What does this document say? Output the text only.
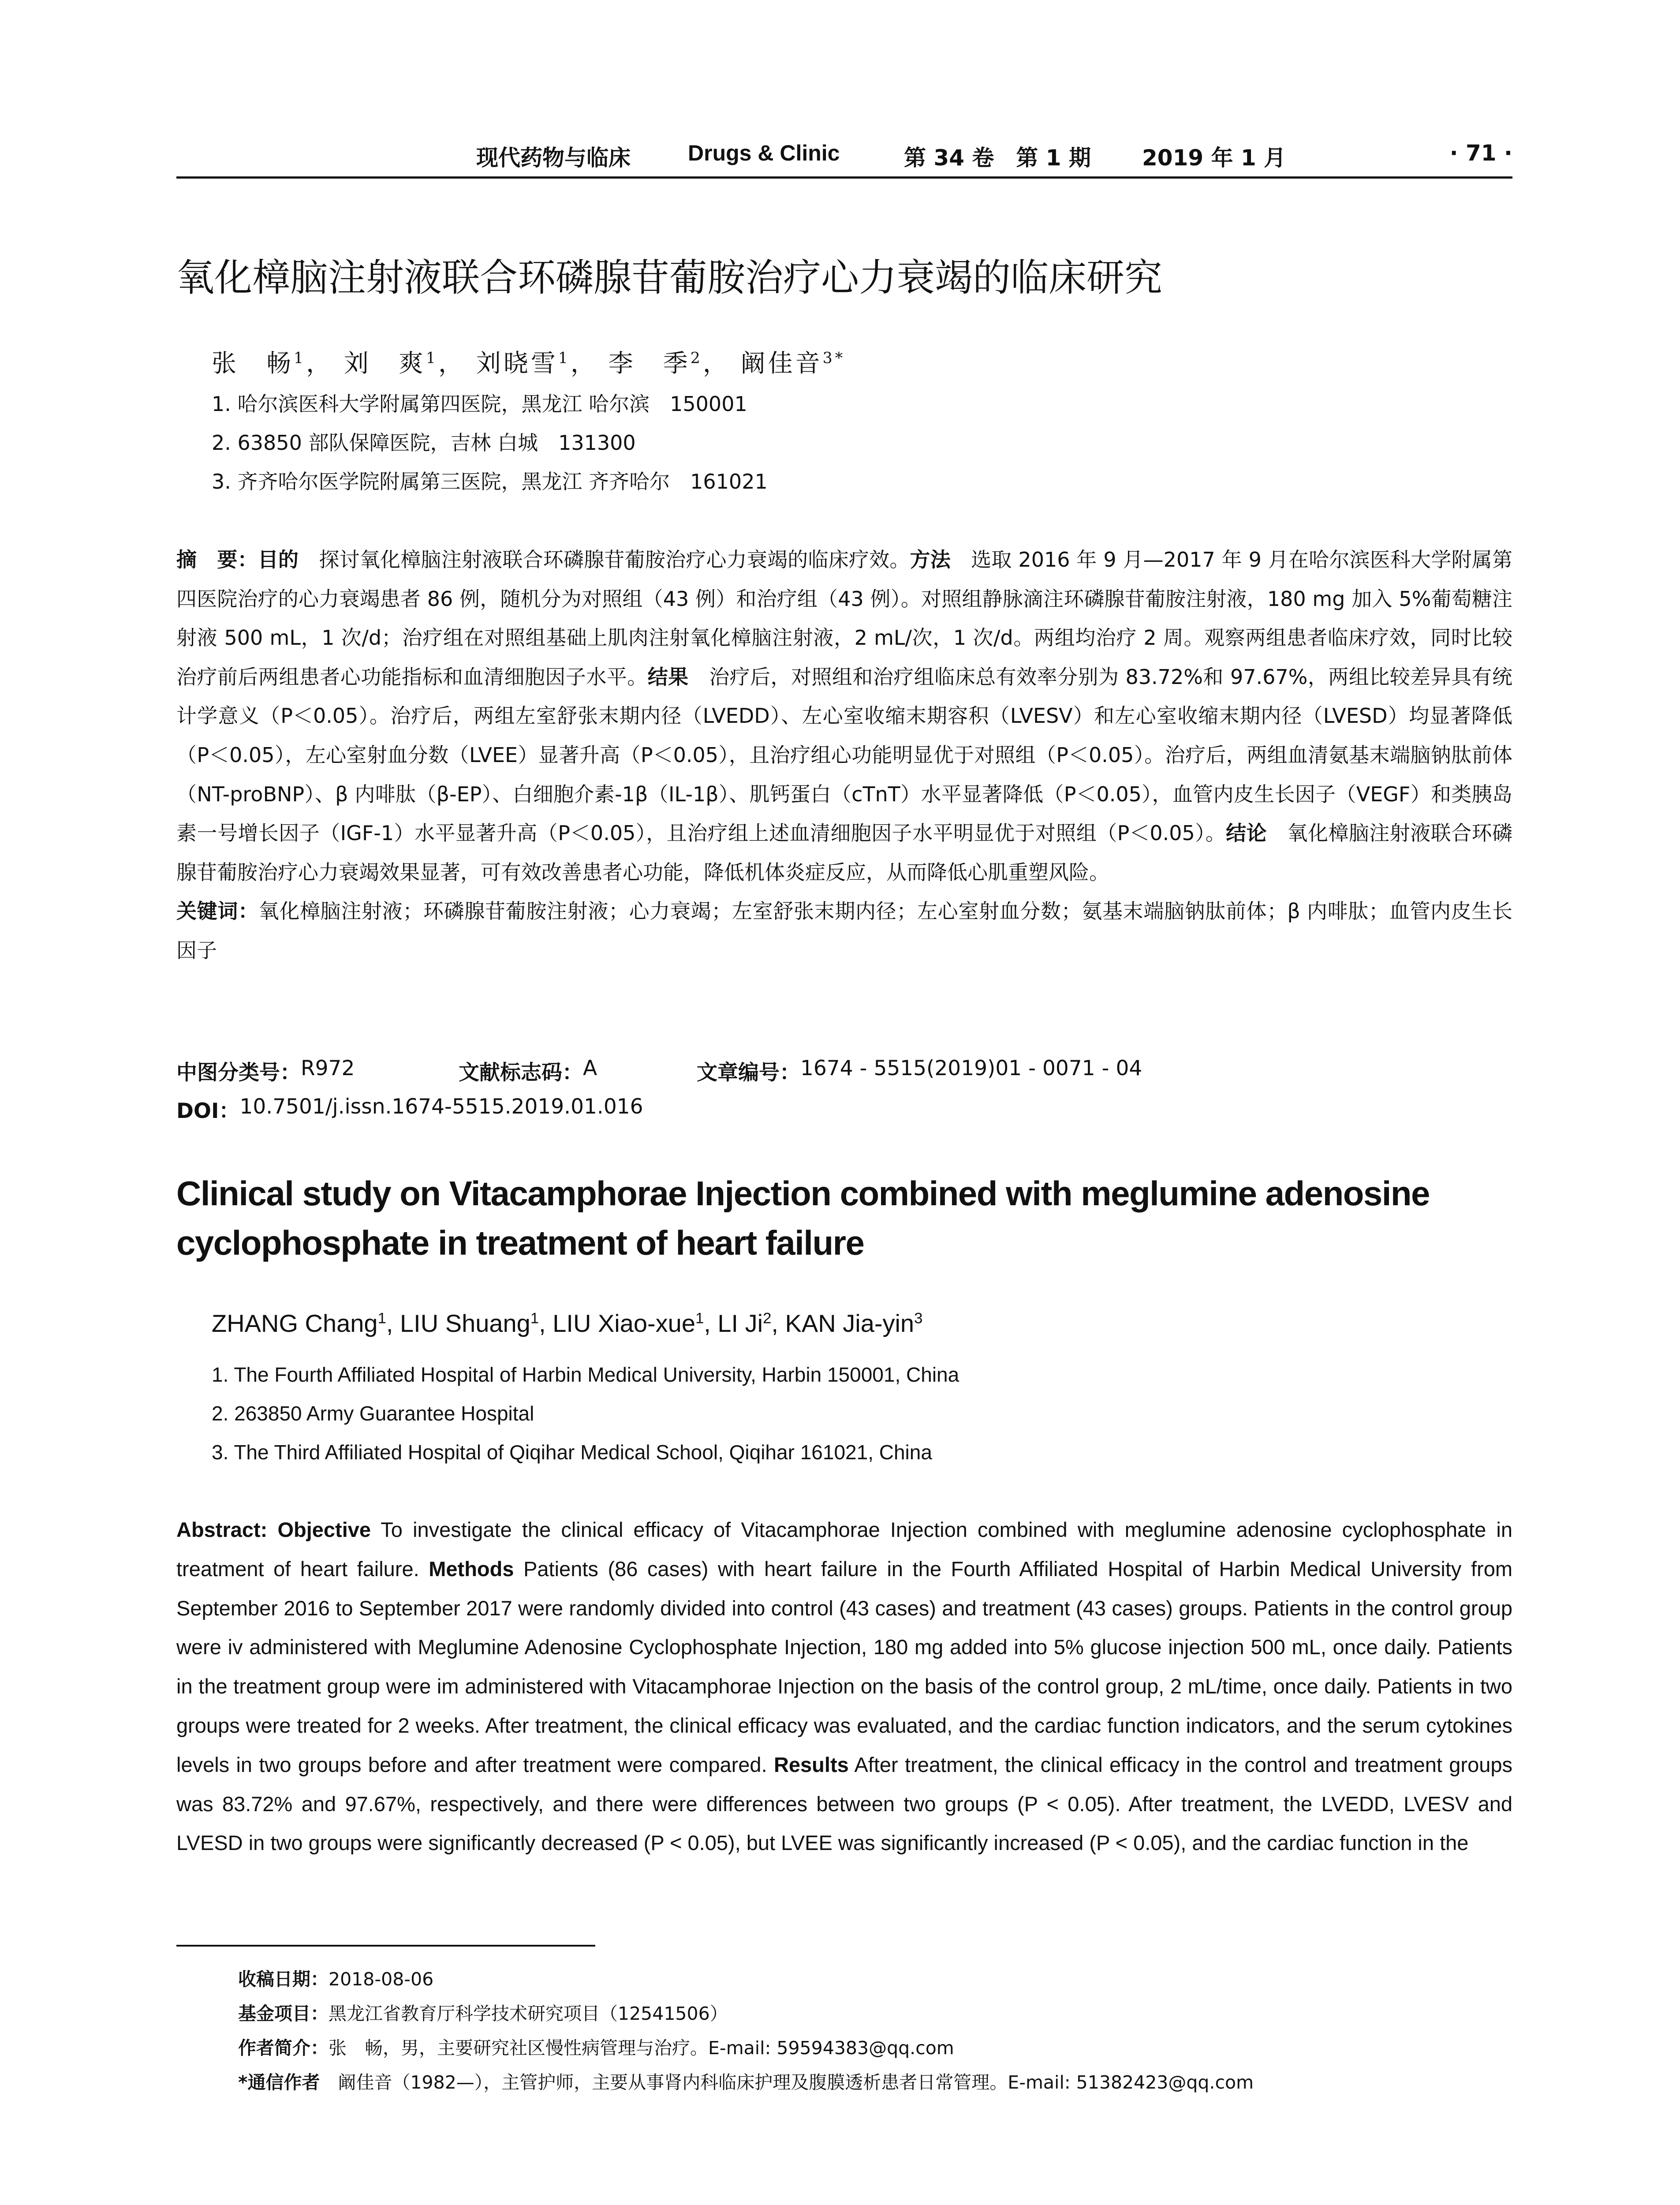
现代药物与临床	Drugs & Clinic	第 34 卷　第 1 期 2019 年 1 月	· 71 ·
氧化樟脑注射液联合环磷腺苷葡胺治疗心力衰竭的临床研究
张　畅$^1$， 刘　爽$^1$， 刘晓雪$^1$， 李　季$^2$， 阚佳音$^{3*}$
1. 哈尔滨医科大学附属第四医院，黑龙江 哈尔滨　150001
2. 63850 部队保障医院，吉林 白城　131300
3. 齐齐哈尔医学院附属第三医院，黑龙江 齐齐哈尔　161021
摘　要：目的　探讨氧化樟脑注射液联合环磷腺苷葡胺治疗心力衰竭的临床疗效。方法　选取 2016 年 9 月—2017 年 9 月在哈尔滨医科大学附属第四医院治疗的心力衰竭患者 86 例，随机分为对照组（43 例）和治疗组（43 例）。对照组静脉滴注环磷腺苷葡胺注射液，180 mg 加入 5%葡萄糖注射液 500 mL，1 次/d；治疗组在对照组基础上肌肉注射氧化樟脑注射液，2 mL/次，1 次/d。两组均治疗 2 周。观察两组患者临床疗效，同时比较治疗前后两组患者心功能指标和血清细胞因子水平。结果　治疗后，对照组和治疗组临床总有效率分别为 83.72%和 97.67%，两组比较差异具有统计学意义（P＜0.05）。治疗后，两组左室舒张末期内径（LVEDD）、左心室收缩末期容积（LVESV）和左心室收缩末期内径（LVESD）均显著降低（P＜0.05），左心室射血分数（LVEE）显著升高（P＜0.05），且治疗组心功能明显优于对照组（P＜0.05）。治疗后，两组血清氨基末端脑钠肽前体（NT-proBNP）、β 内啡肽（β-EP）、白细胞介素-1β（IL-1β）、肌钙蛋白（cTnT）水平显著降低（P＜0.05），血管内皮生长因子（VEGF）和类胰岛素一号增长因子（IGF-1）水平显著升高（P＜0.05），且治疗组上述血清细胞因子水平明显优于对照组（P＜0.05）。结论　氧化樟脑注射液联合环磷腺苷葡胺治疗心力衰竭效果显著，可有效改善患者心功能，降低机体炎症反应，从而降低心肌重塑风险。
关键词：氧化樟脑注射液；环磷腺苷葡胺注射液；心力衰竭；左室舒张末期内径；左心室射血分数；氨基末端脑钠肽前体；β 内啡肽；血管内皮生长因子
中图分类号： R972	文献标志码： A	文章编号： 1674 - 5515(2019)01 - 0071 - 04
DOI： 10.7501/j.issn.1674-5515.2019.01.016
Clinical study on Vitacamphorae Injection combined with meglumine adenosine cyclophosphate in treatment of heart failure
ZHANG Chang$^1$, LIU Shuang$^1$, LIU Xiao-xue$^1$, LI Ji$^2$, KAN Jia-yin$^3$
1. The Fourth Affiliated Hospital of Harbin Medical University, Harbin 150001, China
2. 263850 Army Guarantee Hospital
3. The Third Affiliated Hospital of Qiqihar Medical School, Qiqihar 161021, China
Abstract: Objective To investigate the clinical efficacy of Vitacamphorae Injection combined with meglumine adenosine cyclophosphate in treatment of heart failure. Methods Patients (86 cases) with heart failure in the Fourth Affiliated Hospital of Harbin Medical University from September 2016 to September 2017 were randomly divided into control (43 cases) and treatment (43 cases) groups. Patients in the control group were iv administered with Meglumine Adenosine Cyclophosphate Injection, 180 mg added into 5% glucose injection 500 mL, once daily. Patients in the treatment group were im administered with Vitacamphorae Injection on the basis of the control group, 2 mL/time, once daily. Patients in two groups were treated for 2 weeks. After treatment, the clinical efficacy was evaluated, and the cardiac function indicators, and the serum cytokines levels in two groups before and after treatment were compared. Results After treatment, the clinical efficacy in the control and treatment groups was 83.72% and 97.67%, respectively, and there were differences between two groups (P < 0.05). After treatment, the LVEDD, LVESV and LVESD in two groups were significantly decreased (P < 0.05), but LVEE was significantly increased (P < 0.05), and the cardiac function in the
收稿日期：2018-08-06
基金项目：黑龙江省教育厅科学技术研究项目（12541506）
作者简介：张　畅，男，主要研究社区慢性病管理与治疗。E-mail: 59594383@qq.com
*通信作者　阚佳音（1982—），主管护师，主要从事肾内科临床护理及腹膜透析患者日常管理。E-mail: 51382423@qq.com
